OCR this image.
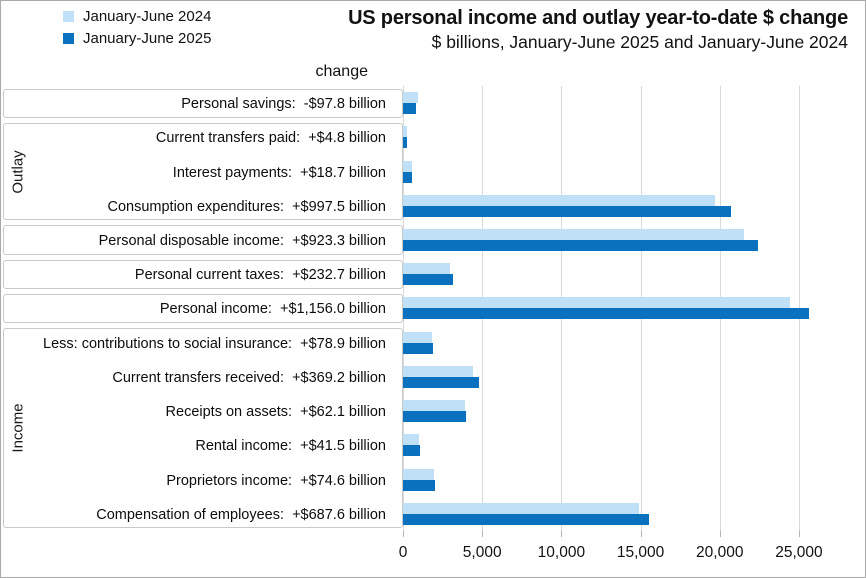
January-June 2024
January-June 2025
US personal income and outlay year-to-date $ change
$ billions, January-June 2025 and January-June 2024
change
Personal savings:  -$97.8 billion
Outlay
Current transfers paid:  +$4.8 billion
Interest payments:  +$18.7 billion
Consumption expenditures:  +$997.5 billion
Personal disposable income:  +$923.3 billion
Personal current taxes:  +$232.7 billion
Personal income:  +$1,156.0 billion
Income
Less: contributions to social insurance:  +$78.9 billion
Current transfers received:  +$369.2 billion
Receipts on assets:  +$62.1 billion
Rental income:  +$41.5 billion
Proprietors income:  +$74.6 billion
Compensation of employees:  +$687.6 billion
0	5,000 10,000 15,000 20,000 25,000
